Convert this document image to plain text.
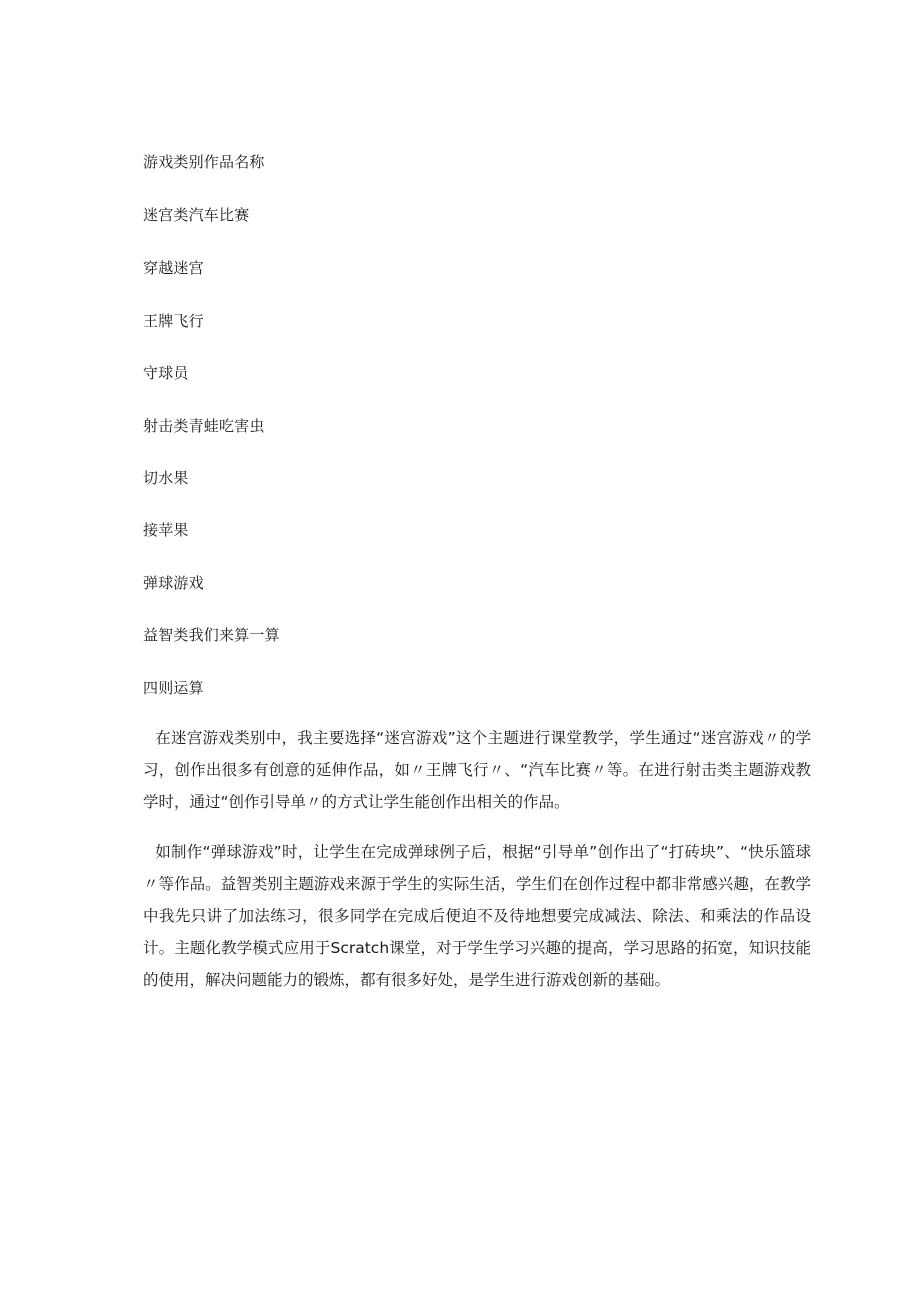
游戏类别作品名称
迷宫类汽车比赛
穿越迷宫
王牌飞行
守球员
射击类青蛙吃害虫
切水果
接苹果
弹球游戏
益智类我们来算一算
四则运算
在迷宫游戏类别中，我主要选择“迷宫游戏”这个主题进行课堂教学，学生通过“迷宫游戏〃的学习，创作出很多有创意的延伸作品，如〃王牌飞行〃、“汽车比赛〃等。在进行射击类主题游戏教学时，通过“创作引导单〃的方式让学生能创作出相关的作品。
如制作“弹球游戏”时，让学生在完成弹球例子后，根据“引导单”创作出了“打砖块”、“快乐篮球〃等作品。益智类别主题游戏来源于学生的实际生活，学生们在创作过程中都非常感兴趣，在教学中我先只讲了加法练习，很多同学在完成后便迫不及待地想要完成减法、除法、和乘法的作品设计。主题化教学模式应用于Scratch课堂，对于学生学习兴趣的提高，学习思路的拓宽，知识技能的使用，解决问题能力的锻炼，都有很多好处，是学生进行游戏创新的基础。
